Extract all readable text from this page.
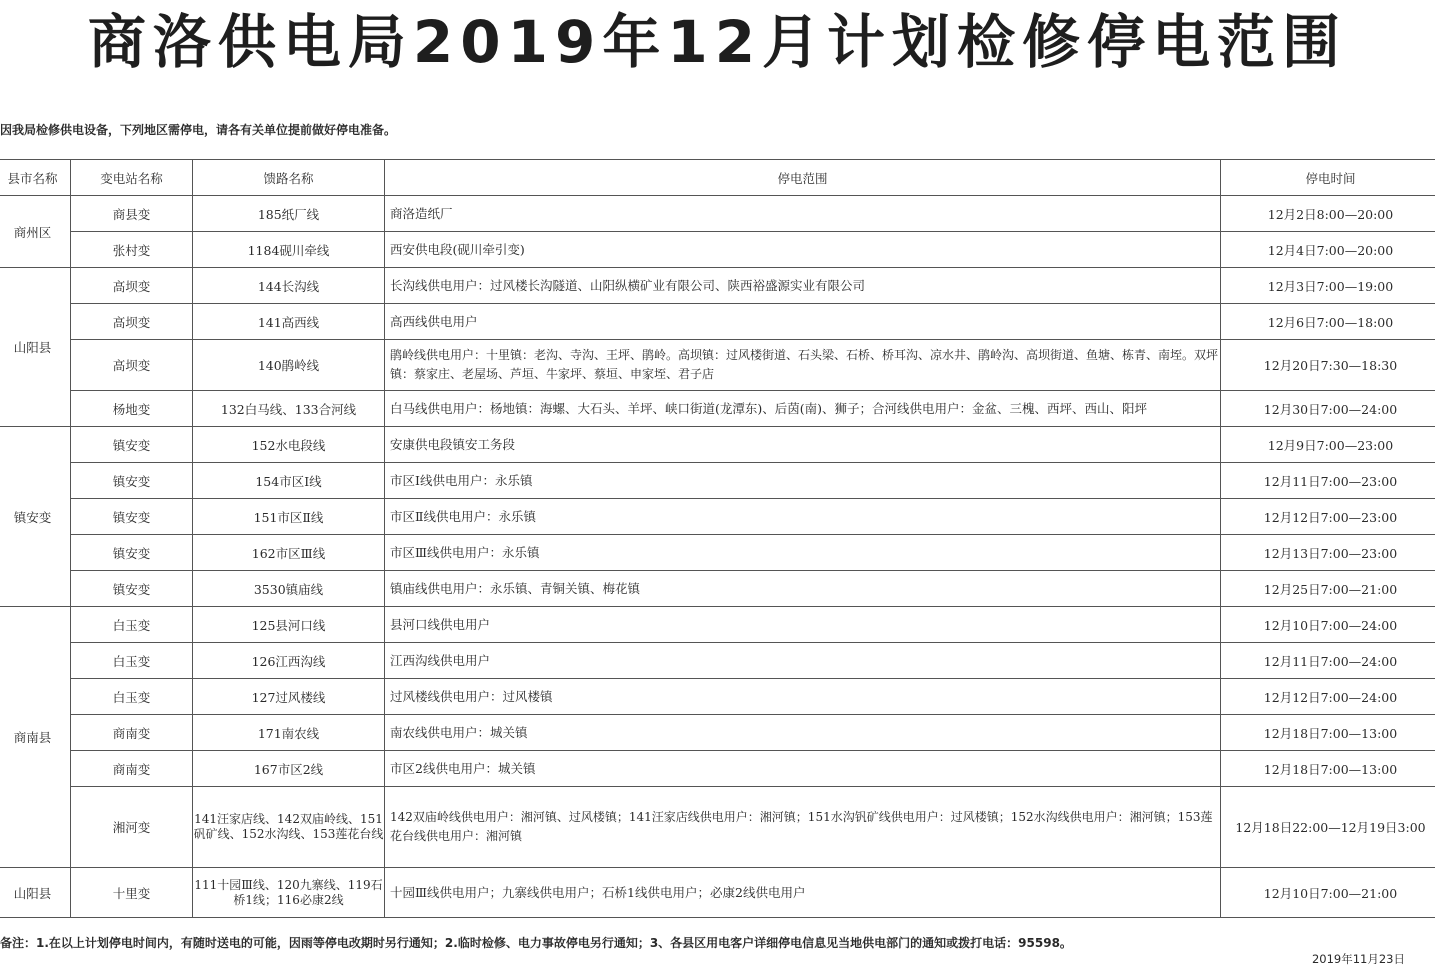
商洛供电局2019年12月计划检修停电范围
因我局检修供电设备，下列地区需停电，请各有关单位提前做好停电准备。
县市名称	变电站名称	馈路名称	停电范围	停电时间
商州区	商县变	185纸厂线	商洛造纸厂	12月2日8:00—20:00
	张村变	1184砚川牵线	西安供电段(砚川牵引变)	12月4日7:00—20:00
山阳县	高坝变	144长沟线	长沟线供电用户：过风楼长沟隧道、山阳纵横矿业有限公司、陕西裕盛源实业有限公司	12月3日7:00—19:00
	高坝变	141高西线	高西线供电用户	12月6日7:00—18:00
	高坝变	140鹃岭线	鹃岭线供电用户：十里镇：老沟、寺沟、王坪、鹃岭。高坝镇：过风楼街道、石头梁、石桥、桥耳沟、凉水井、鹃岭沟、高坝街道、鱼塘、栋青、南垤。双坪镇：蔡家庄、老屋场、芦垣、牛家坪、蔡垣、申家垤、君子店	12月20日7:30—18:30
	杨地变	132白马线、133合河线	白马线供电用户：杨地镇：海螺、大石头、羊坪、峡口街道(龙潭东)、后茵(南)、狮子；合河线供电用户：金盆、三槐、西坪、西山、阳坪	12月30日7:00—24:00
镇安变	镇安变	152水电段线	安康供电段镇安工务段	12月9日7:00—23:00
	镇安变	154市区Ⅰ线	市区Ⅰ线供电用户：永乐镇	12月11日7:00—23:00
	镇安变	151市区Ⅱ线	市区Ⅱ线供电用户：永乐镇	12月12日7:00—23:00
	镇安变	162市区Ⅲ线	市区Ⅲ线供电用户：永乐镇	12月13日7:00—23:00
	镇安变	3530镇庙线	镇庙线供电用户：永乐镇、青铜关镇、梅花镇	12月25日7:00—21:00
商南县	白玉变	125县河口线	县河口线供电用户	12月10日7:00—24:00
	白玉变	126江西沟线	江西沟线供电用户	12月11日7:00—24:00
	白玉变	127过风楼线	过风楼线供电用户：过风楼镇	12月12日7:00—24:00
	商南变	171南农线	南农线供电用户：城关镇	12月18日7:00—13:00
	商南变	167市区2线	市区2线供电用户：城关镇	12月18日7:00—13:00
	湘河变	141汪家店线、142双庙岭线、151矾矿线、152水沟线、153莲花台线	142双庙岭线供电用户：湘河镇、过风楼镇；141汪家店线供电用户：湘河镇；151水沟钒矿线供电用户：过风楼镇；152水沟线供电用户：湘河镇；153莲花台线供电用户：湘河镇	12月18日22:00—12月19日3:00
山阳县	十里变	111十园Ⅲ线、120九寨线、119石桥1线；116必康2线	十园Ⅲ线供电用户；九寨线供电用户；石桥1线供电用户；必康2线供电用户	12月10日7:00—21:00
备注：1.在以上计划停电时间内，有随时送电的可能，因雨等停电改期时另行通知；2.临时检修、电力事故停电另行通知；3、各县区用电客户详细停电信息见当地供电部门的通知或拨打电话：95598。
2019年11月23日
